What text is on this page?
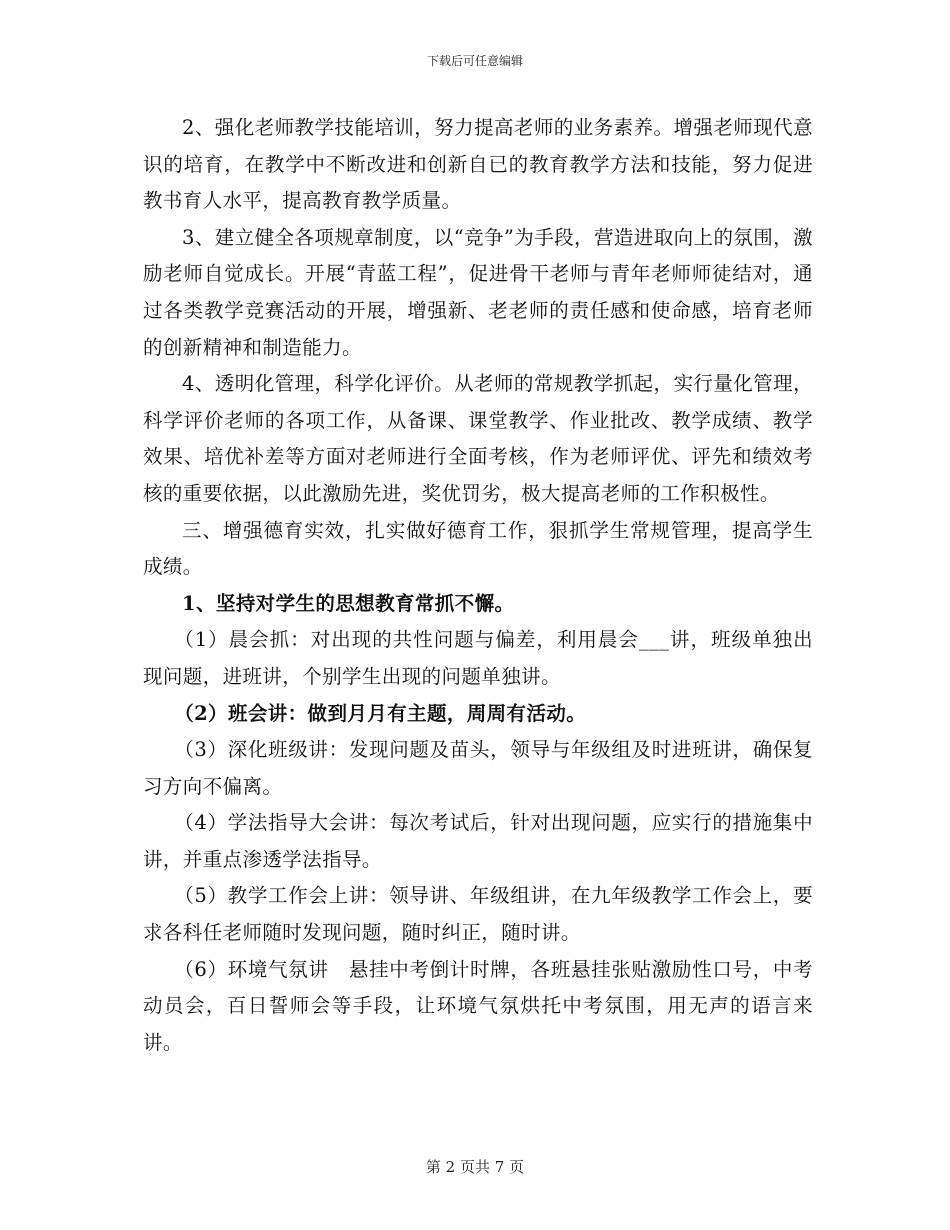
下载后可任意编辑

2、强化老师教学技能培训，努力提高老师的业务素养。增强老师现代意识的培育，在教学中不断改进和创新自已的教育教学方法和技能，努力促进教书育人水平，提高教育教学质量。

3、建立健全各项规章制度，以“竞争”为手段，营造进取向上的氛围，激励老师自觉成长。开展“青蓝工程”，促进骨干老师与青年老师师徒结对，通过各类教学竞赛活动的开展，增强新、老老师的责任感和使命感，培育老师的创新精神和制造能力。

4、透明化管理，科学化评价。从老师的常规教学抓起，实行量化管理，科学评价老师的各项工作，从备课、课堂教学、作业批改、教学成绩、教学效果、培优补差等方面对老师进行全面考核，作为老师评优、评先和绩效考核的重要依据，以此激励先进，奖优罚劣，极大提高老师的工作积极性。

三、增强德育实效，扎实做好德育工作，狠抓学生常规管理，提高学生成绩。

1、坚持对学生的思想教育常抓不懈。

（1）晨会抓：对出现的共性问题与偏差，利用晨会___讲，班级单独出现问题，进班讲，个别学生出现的问题单独讲。

（2）班会讲：做到月月有主题，周周有活动。

（3）深化班级讲：发现问题及苗头，领导与年级组及时进班讲，确保复习方向不偏离。

（4）学法指导大会讲：每次考试后，针对出现问题，应实行的措施集中讲，并重点渗透学法指导。

（5）教学工作会上讲：领导讲、年级组讲，在九年级教学工作会上，要求各科任老师随时发现问题，随时纠正，随时讲。

（6）环境气氛讲　悬挂中考倒计时牌，各班悬挂张贴激励性口号，中考动员会，百日誓师会等手段，让环境气氛烘托中考氛围，用无声的语言来讲。

第 2 页共 7 页
